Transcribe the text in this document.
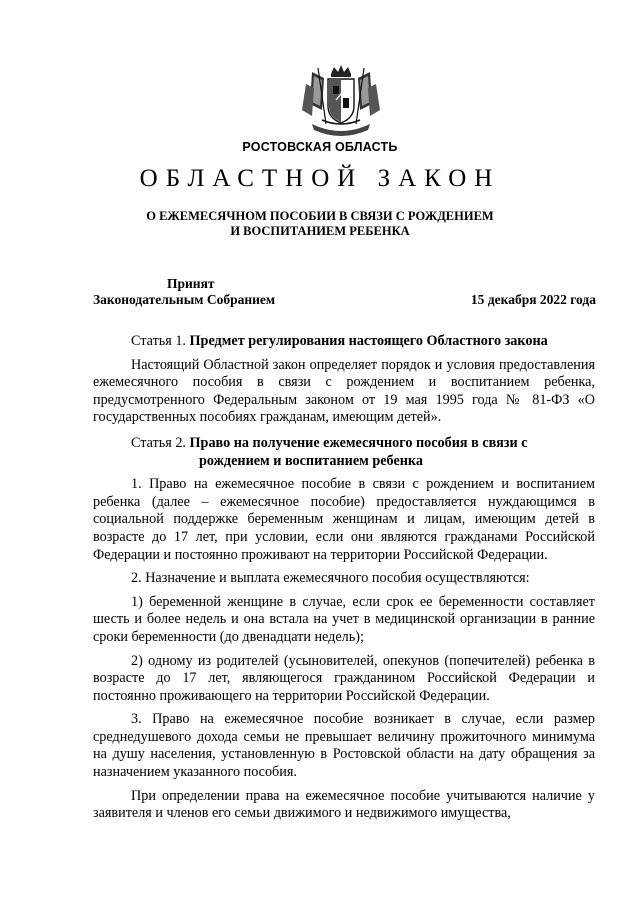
РОСТОВСКАЯ ОБЛАСТЬ
ОБЛАСТНОЙ ЗАКОН
О ЕЖЕМЕСЯЧНОМ ПОСОБИИ В СВЯЗИ С РОЖДЕНИЕМ
И ВОСПИТАНИЕМ РЕБЕНКА
Принят
Законодательным Собранием	15 декабря 2022 года
Статья 1. Предмет регулирования настоящего Областного закона

Настоящий Областной закон определяет порядок и условия предоставления ежемесячного пособия в связи с рождением и воспитанием ребенка, предусмотренного Федеральным законом от 19 мая 1995 года № 81-ФЗ «О государственных пособиях гражданам, имеющим детей».

Статья 2. Право на получение ежемесячного пособия в связи с
рождением и воспитанием ребенка

1. Право на ежемесячное пособие в связи с рождением и воспитанием ребенка (далее – ежемесячное пособие) предоставляется нуждающимся в социальной поддержке беременным женщинам и лицам, имеющим детей в возрасте до 17 лет, при условии, если они являются гражданами Российской Федерации и постоянно проживают на территории Российской Федерации.

2. Назначение и выплата ежемесячного пособия осуществляются:

1) беременной женщине в случае, если срок ее беременности составляет шесть и более недель и она встала на учет в медицинской организации в ранние сроки беременности (до двенадцати недель);

2) одному из родителей (усыновителей, опекунов (попечителей) ребенка в возрасте до 17 лет, являющегося гражданином Российской Федерации и постоянно проживающего на территории Российской Федерации.

3. Право на ежемесячное пособие возникает в случае, если размер среднедушевого дохода семьи не превышает величину прожиточного минимума на душу населения, установленную в Ростовской области на дату обращения за назначением указанного пособия.

При определении права на ежемесячное пособие учитываются наличие у заявителя и членов его семьи движимого и недвижимого имущества,
